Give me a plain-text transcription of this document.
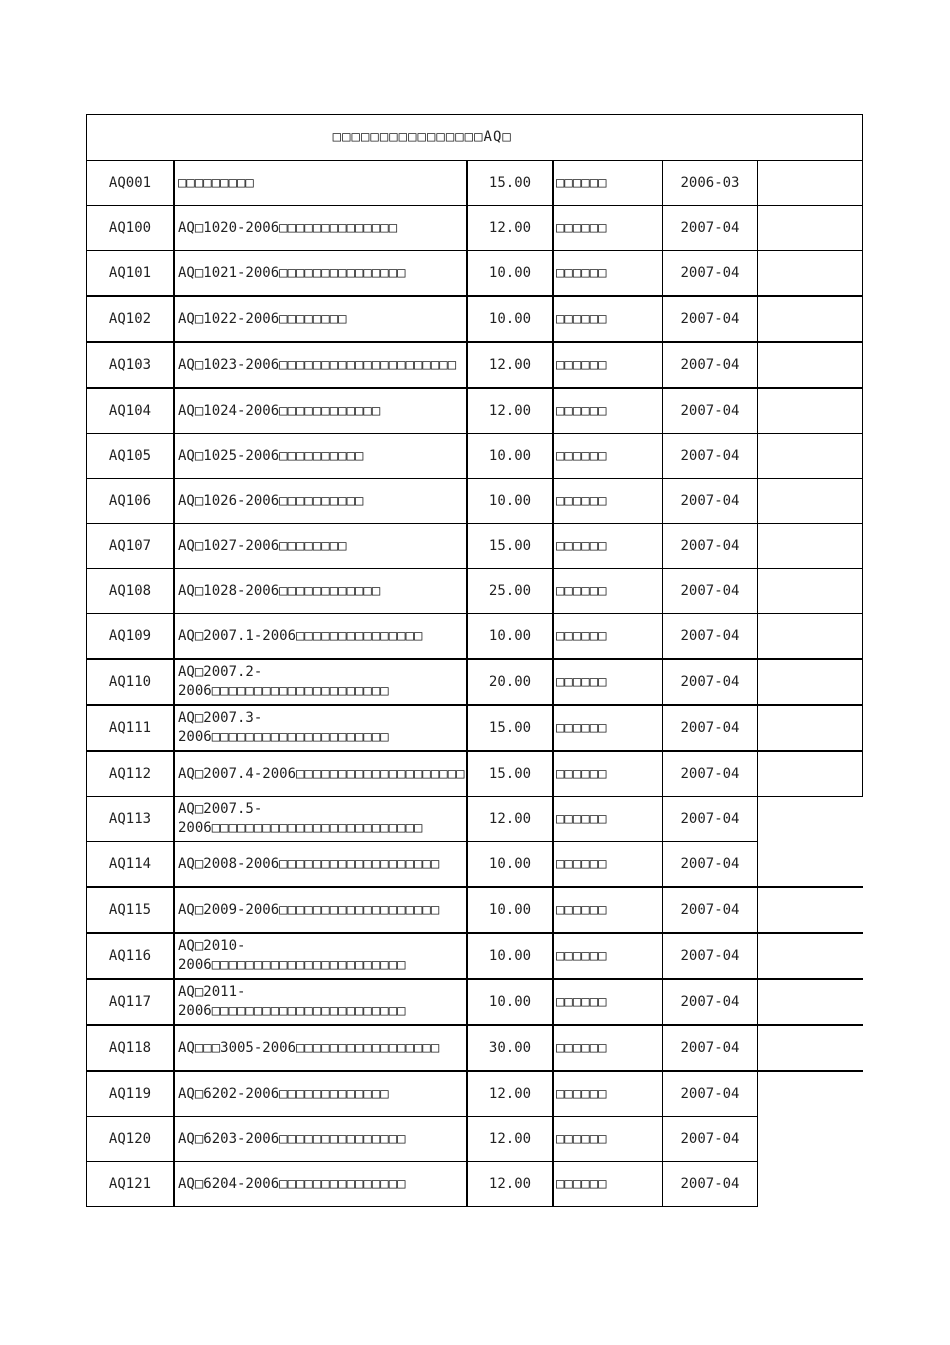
□□□□□□□□□□□□□□□□AQ□					
AQ001	□□□□□□□□□	15.00	□□□□□□	2006-03	
AQ100	AQ□1020-2006□□□□□□□□□□□□□□	12.00	□□□□□□	2007-04	
AQ101	AQ□1021-2006□□□□□□□□□□□□□□□	10.00	□□□□□□	2007-04	
AQ102	AQ□1022-2006□□□□□□□□	10.00	□□□□□□	2007-04	
AQ103	AQ□1023-2006□□□□□□□□□□□□□□□□□□□□□	12.00	□□□□□□	2007-04	
AQ104	AQ□1024-2006□□□□□□□□□□□□	12.00	□□□□□□	2007-04	
AQ105	AQ□1025-2006□□□□□□□□□□	10.00	□□□□□□	2007-04	
AQ106	AQ□1026-2006□□□□□□□□□□	10.00	□□□□□□	2007-04	
AQ107	AQ□1027-2006□□□□□□□□	15.00	□□□□□□	2007-04	
AQ108	AQ□1028-2006□□□□□□□□□□□□	25.00	□□□□□□	2007-04	
AQ109	AQ□2007.1-2006□□□□□□□□□□□□□□□	10.00	□□□□□□	2007-04	
AQ110	AQ□2007.2-2006□□□□□□□□□□□□□□□□□□□□□	20.00	□□□□□□	2007-04	
AQ111	AQ□2007.3-2006□□□□□□□□□□□□□□□□□□□□□	15.00	□□□□□□	2007-04	
AQ112	AQ□2007.4-2006□□□□□□□□□□□□□□□□□□□□	15.00	□□□□□□	2007-04	
AQ113	AQ□2007.5-2006□□□□□□□□□□□□□□□□□□□□□□□□□	12.00	□□□□□□	2007-04	
AQ114	AQ□2008-2006□□□□□□□□□□□□□□□□□□□	10.00	□□□□□□	2007-04	
AQ115	AQ□2009-2006□□□□□□□□□□□□□□□□□□□	10.00	□□□□□□	2007-04	
AQ116	AQ□2010-2006□□□□□□□□□□□□□□□□□□□□□□□	10.00	□□□□□□	2007-04	
AQ117	AQ□2011-2006□□□□□□□□□□□□□□□□□□□□□□□	10.00	□□□□□□	2007-04	
AQ118	AQ□□□3005-2006□□□□□□□□□□□□□□□□□	30.00	□□□□□□	2007-04	
AQ119	AQ□6202-2006□□□□□□□□□□□□□	12.00	□□□□□□	2007-04	
AQ120	AQ□6203-2006□□□□□□□□□□□□□□□	12.00	□□□□□□	2007-04	
AQ121	AQ□6204-2006□□□□□□□□□□□□□□□	12.00	□□□□□□	2007-04	
